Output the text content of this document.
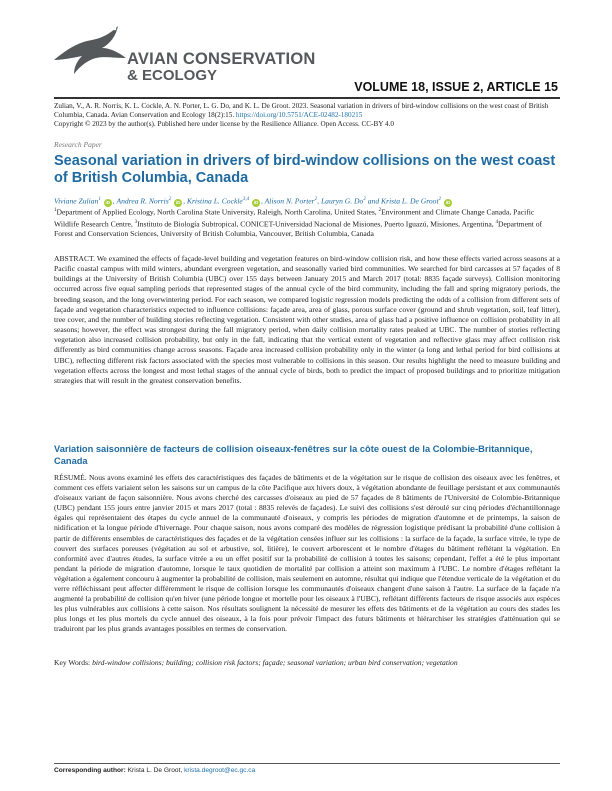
AVIAN CONSERVATION
& ECOLOGY
VOLUME 18, ISSUE 2, ARTICLE 15
Zulian, V., A. R. Norris, K. L. Cockle, A. N. Porter, L. G. Do, and K. L. De Groot. 2023. Seasonal variation in drivers of bird-window collisions on the west coast of British Columbia, Canada. Avian Conservation and Ecology 18(2):15. https://doi.org/10.5751/ACE-02482-180215
Copyright © 2023 by the author(s). Published here under license by the Resilience Alliance. Open Access. CC-BY 4.0
Research Paper
Seasonal variation in drivers of bird-window collisions on the west coast of British Columbia, Canada
Viviane Zulian$^1$ iD , Andrea R. Norris$^2$ iD , Kristina L. Cockle$^{3,4}$ iD , Alison N. Porter$^2$, Lauryn G. Do$^2$ and Krista L. De Groot$^2$ iD
$^1$Department of Applied Ecology, North Carolina State University, Raleigh, North Carolina, United States, $^2$Environment and Climate Change Canada, Pacific Wildlife Research Centre, $^3$Instituto de Biología Subtropical, CONICET-Universidad Nacional de Misiones, Puerto Iguazú, Misiones, Argentina, $^4$Department of Forest and Conservation Sciences, University of British Columbia, Vancouver, British Columbia, Canada
ABSTRACT. We examined the effects of façade-level building and vegetation features on bird-window collision risk, and how these effects varied across seasons at a Pacific coastal campus with mild winters, abundant evergreen vegetation, and seasonally varied bird communities. We searched for bird carcasses at 57 façades of 8 buildings at the University of British Columbia (UBC) over 155 days between January 2015 and March 2017 (total: 8835 façade surveys). Collision monitoring occurred across five equal sampling periods that represented stages of the annual cycle of the bird community, including the fall and spring migratory periods, the breeding season, and the long overwintering period. For each season, we compared logistic regression models predicting the odds of a collision from different sets of façade and vegetation characteristics expected to influence collisions: façade area, area of glass, porous surface cover (ground and shrub vegetation, soil, leaf litter), tree cover, and the number of building stories reflecting vegetation. Consistent with other studies, area of glass had a positive influence on collision probability in all seasons; however, the effect was strongest during the fall migratory period, when daily collision mortality rates peaked at UBC. The number of stories reflecting vegetation also increased collision probability, but only in the fall, indicating that the vertical extent of vegetation and reflective glass may affect collision risk differently as bird communities change across seasons. Façade area increased collision probability only in the winter (a long and lethal period for bird collisions at UBC), reflecting different risk factors associated with the species most vulnerable to collisions in this season. Our results highlight the need to measure building and vegetation effects across the longest and most lethal stages of the annual cycle of birds, both to predict the impact of proposed buildings and to prioritize mitigation strategies that will result in the greatest conservation benefits.
Variation saisonnière de facteurs de collision oiseaux-fenêtres sur la côte ouest de la Colombie-Britannique, Canada
RÉSUMÉ. Nous avons examiné les effets des caractéristiques des façades de bâtiments et de la végétation sur le risque de collision des oiseaux avec les fenêtres, et comment ces effets variaient selon les saisons sur un campus de la côte Pacifique aux hivers doux, à végétation abondante de feuillage persistant et aux communautés d'oiseaux variant de façon saisonnière. Nous avons cherché des carcasses d'oiseaux au pied de 57 façades de 8 bâtiments de l'Université de Colombie-Britannique (UBC) pendant 155 jours entre janvier 2015 et mars 2017 (total : 8835 relevés de façades). Le suivi des collisions s'est déroulé sur cinq périodes d'échantillonnage égales qui représentaient des étapes du cycle annuel de la communauté d'oiseaux, y compris les périodes de migration d'automne et de printemps, la saison de nidification et la longue période d'hivernage. Pour chaque saison, nous avons comparé des modèles de régression logistique prédisant la probabilité d'une collision à partir de différents ensembles de caractéristiques des façades et de la végétation censées influer sur les collisions : la surface de la façade, la surface vitrée, le type de couvert des surfaces poreuses (végétation au sol et arbustive, sol, litière), le couvert arborescent et le nombre d'étages du bâtiment reflétant la végétation. En conformité avec d'autres études, la surface vitrée a eu un effet positif sur la probabilité de collision à toutes les saisons; cependant, l'effet a été le plus important pendant la période de migration d'automne, lorsque le taux quotidien de mortalité par collision a atteint son maximum à l'UBC. Le nombre d'étages reflétant la végétation a également concouru à augmenter la probabilité de collision, mais seulement en automne, résultat qui indique que l'étendue verticale de la végétation et du verre réfléchissant peut affecter différemment le risque de collision lorsque les communautés d'oiseaux changent d'une saison à l'autre. La surface de la façade n'a augmenté la probabilité de collision qu'en hiver (une période longue et mortelle pour les oiseaux à l'UBC), reflétant différents facteurs de risque associés aux espèces les plus vulnérables aux collisions à cette saison. Nos résultats soulignent la nécessité de mesurer les effets des bâtiments et de la végétation au cours des stades les plus longs et les plus mortels du cycle annuel des oiseaux, à la fois pour prévoir l'impact des futurs bâtiments et hiérarchiser les stratégies d'atténuation qui se traduiront par les plus grands avantages possibles en termes de conservation.
Key Words: bird-window collisions; building; collision risk factors; façade; seasonal variation; urban bird conservation; vegetation
Corresponding author: Krista L. De Groot, krista.degroot@ec.gc.ca
